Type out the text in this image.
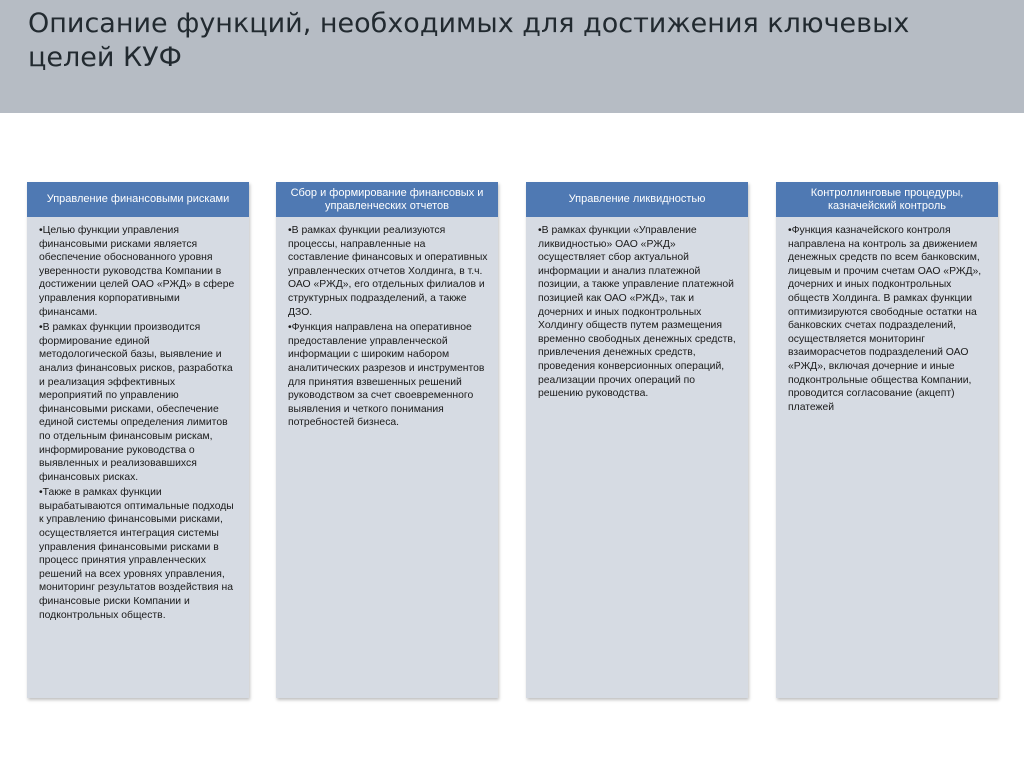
Описание функций, необходимых для достижения ключевых целей КУФ
Управление финансовыми рисками

• Целью функции управления финансовыми рисками является обеспечение обоснованного уровня уверенности руководства Компании в достижении целей ОАО «РЖД» в сфере управления корпоративными финансами.

• В рамках функции производится формирование единой методологической базы, выявление и анализ финансовых рисков, разработка и реализация эффективных мероприятий по управлению финансовыми рисками, обеспечение единой системы определения лимитов по отдельным финансовым рискам, информирование руководства о выявленных и реализовавшихся финансовых рисках.

• Также в рамках функции вырабатываются оптимальные подходы к управлению финансовыми рисками, осуществляется интеграция системы управления финансовыми рисками в процесс принятия управленческих решений на всех уровнях управления, мониторинг результатов воздействия на финансовые риски Компании и подконтрольных обществ.

Сбор и формирование финансовых и управленческих отчетов

• В рамках функции реализуются процессы, направленные на составление финансовых и оперативных управленческих отчетов Холдинга, в т.ч. ОАО «РЖД», его отдельных филиалов и структурных подразделений, а также ДЗО.

• Функция направлена на оперативное предоставление управленческой информации с широким набором аналитических разрезов и инструментов для принятия взвешенных решений руководством за счет своевременного выявления и четкого понимания потребностей бизнеса.

Управление ликвидностью

• В рамках функции «Управление ликвидностью» ОАО «РЖД» осуществляет сбор актуальной информации и анализ платежной позиции, а также управление платежной позицией как ОАО «РЖД», так и дочерних и иных подконтрольных Холдингу обществ путем размещения временно свободных денежных средств, привлечения денежных средств, проведения конверсионных операций, реализации прочих операций по решению руководства.

Контроллинговые процедуры, казначейский контроль

• Функция казначейского контроля направлена на контроль за движением денежных средств по всем банковским, лицевым и прочим счетам ОАО «РЖД», дочерних и иных подконтрольных обществ Холдинга. В рамках функции оптимизируются свободные остатки на банковских счетах подразделений, осуществляется мониторинг взаиморасчетов подразделений ОАО «РЖД», включая дочерние и иные подконтрольные общества Компании, проводится согласование (акцепт) платежей
